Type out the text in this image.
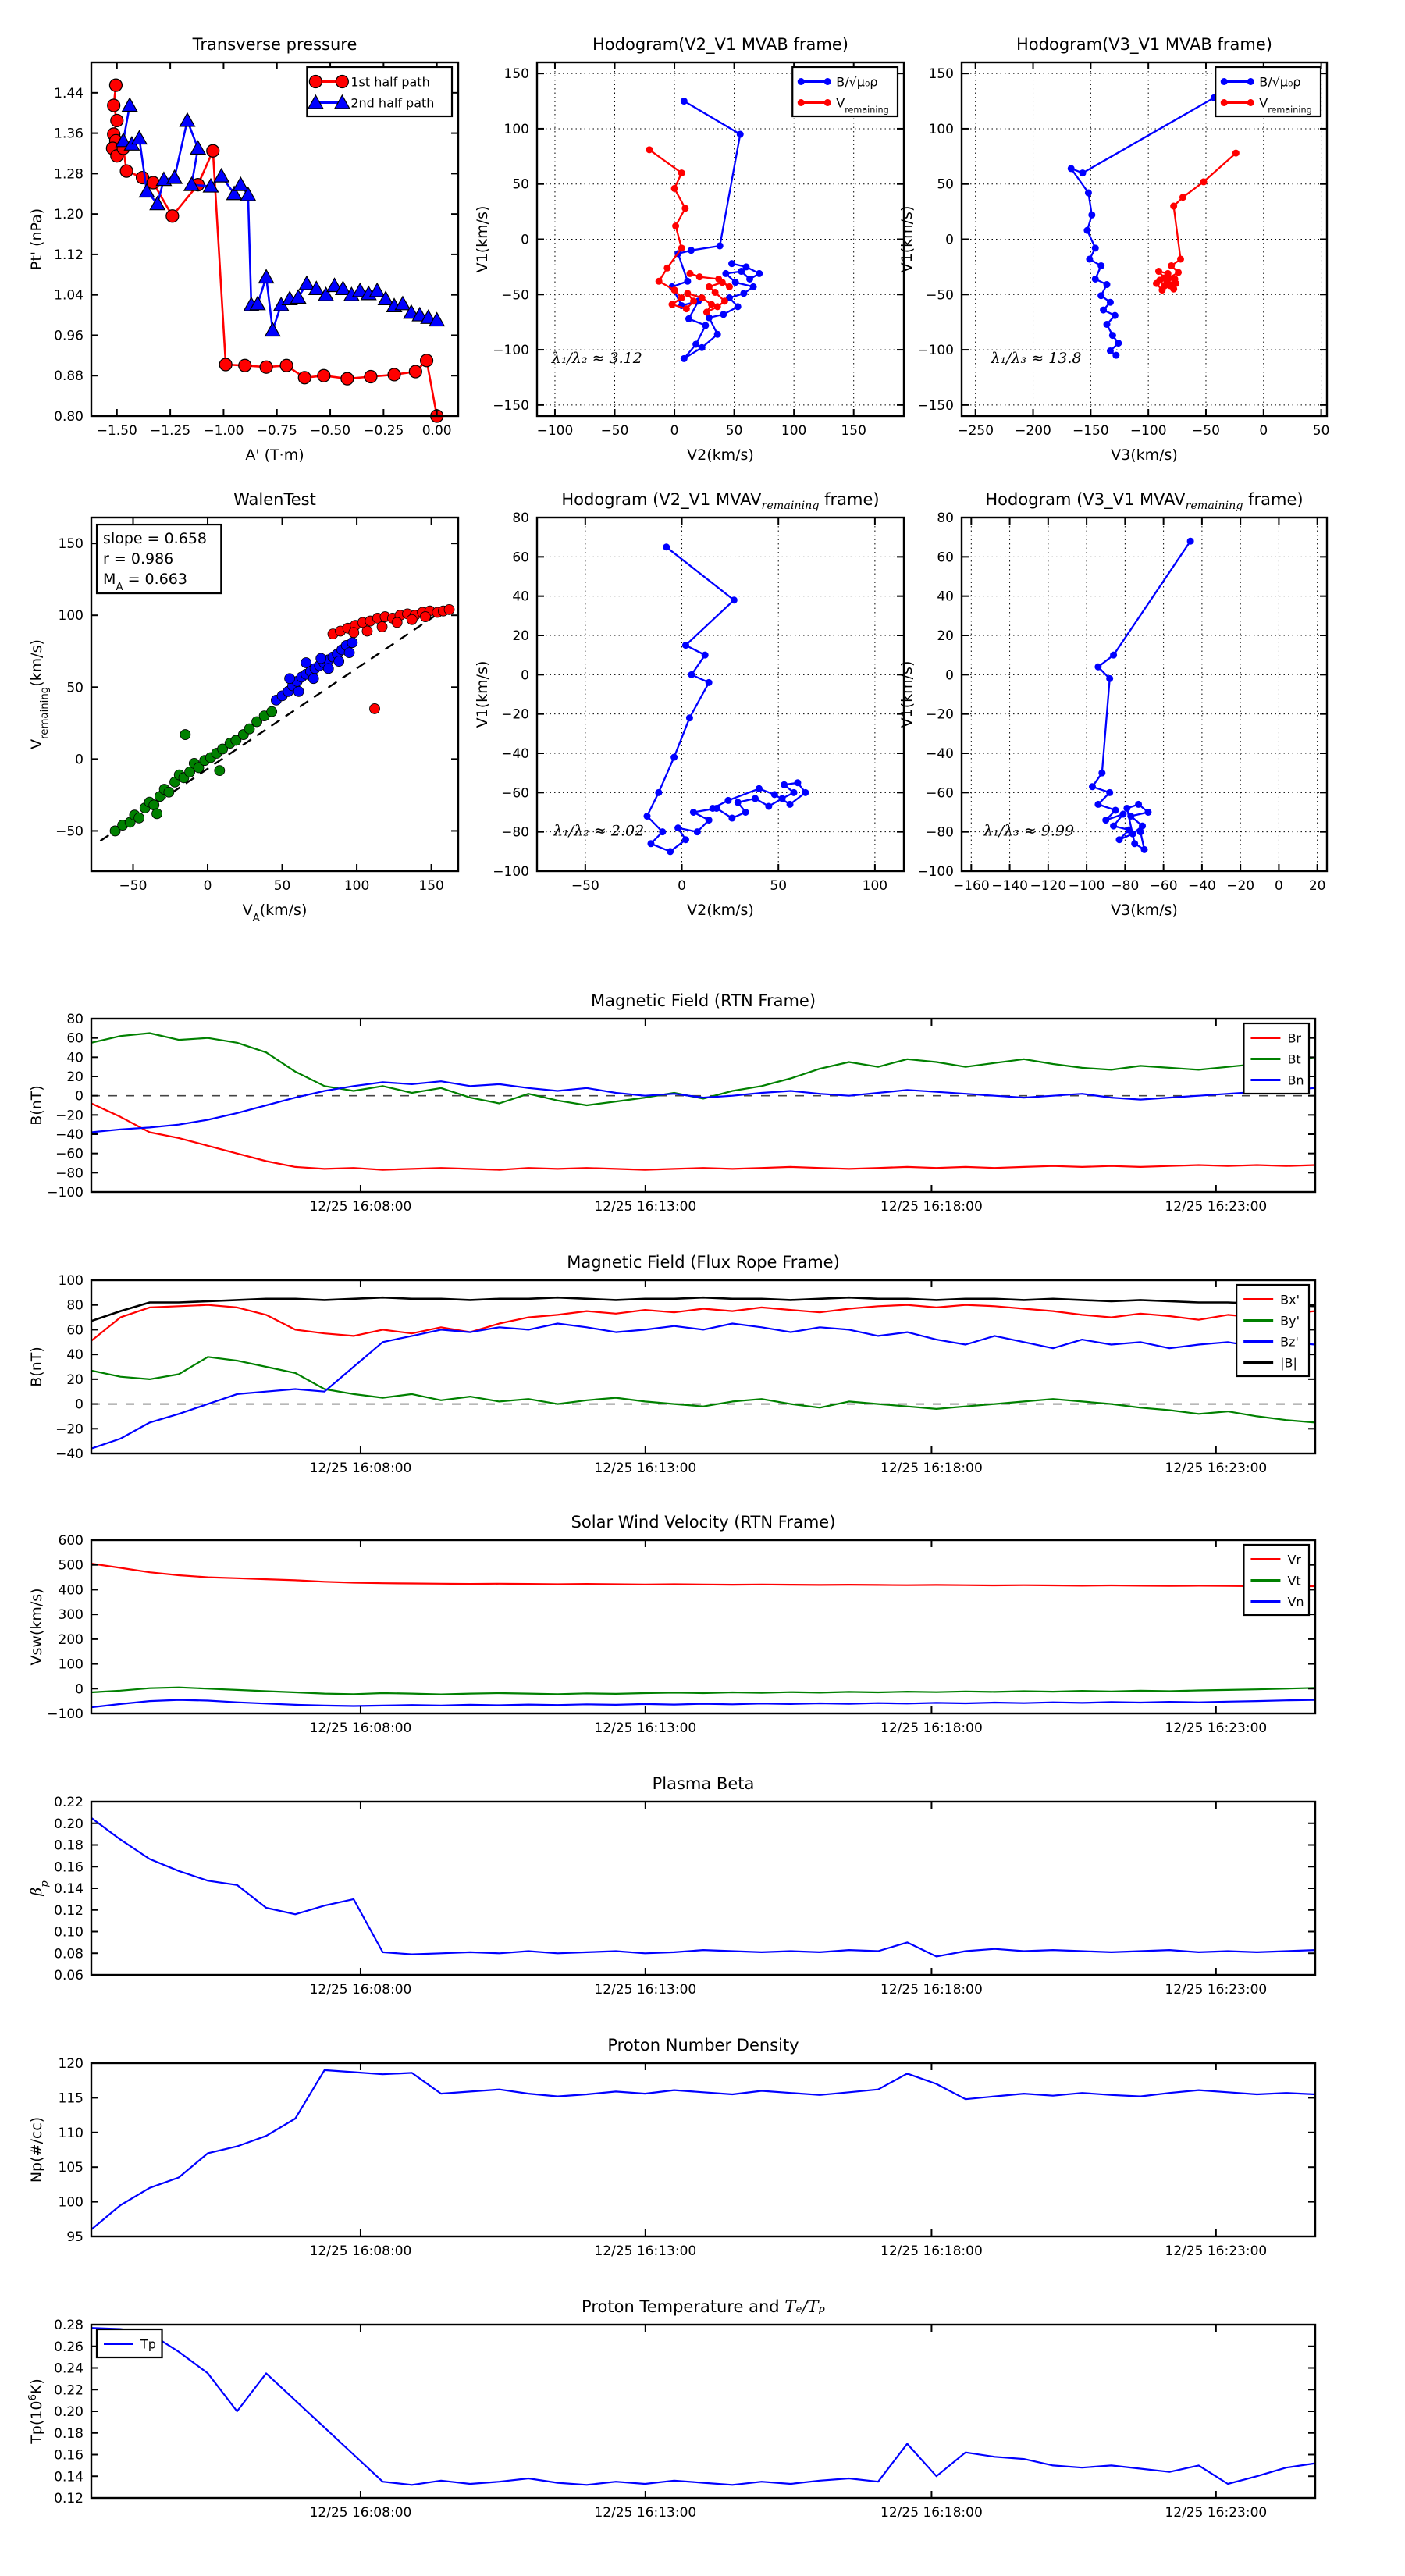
Transverse pressure	Hodogram(V2_V1 MVAB frame)	Hodogram(V3_V1 MVAB frame)
WalenTest	Hodogram (V2_V1 $MVAV_{remaining}$ frame)	Hodogram (V3_V1 $MVAV_{remaining}$ frame)
Magnetic Field (RTN Frame)
Magnetic Field (Flux Rope Frame)
Solar Wind Velocity (RTN Frame)
Plasma Beta
Proton Number Density
Proton Temperature and Tₑ/Tₚ
−1.50 −1.25 −1.00 −0.75 −0.50 −0.25 0.00
0.80
0.88
0.96
1.04
1.12
1.20
1.28
1.36
1.44
A' (T·m)
Pt' (nPa)
1st half path
2nd half path
−100 −50	0	50	100	150
−150
−100
−50
0
50
100
150
V2(km/s)
V1(km/s)
B/√μ₀ρ
$V_{remaining}$
λ₁/λ₂ ≈ 3.12
−250 −200 −150 −100 −50	0	50
−150
−100
−50
0
50
100
150
V3(km/s)
V1(km/s)
B/√μ₀ρ
$V_{remaining}$
λ₁/λ₃ ≈ 13.8
−50	0	50	100	150
−50
0
50
100
150
$V_A(km/s)$
$V_{remaining}(km/s)$
slope = 0.658
r = 0.986
$M_A = 0.663$
−50	0	50	100
−100
−80
−60
−40
−20
0
20
40
60
80
V2(km/s)
V1(km/s)
λ₁/λ₂ ≈ 2.02
−160 −140 −120 −100 −80 −60 −40 −20 0 20
−100
−80
−60
−40
−20
0
20
40
60
80
V3(km/s)
V1(km/s)
λ₁/λ₃ ≈ 9.99
12/25 16:08:00	12/25 16:13:00	12/25 16:18:00	12/25 16:23:00
−100
−80
−60
−40
−20
0
20
40
60
80
B(nT)
Br
Bt
Bn
12/25 16:08:00	12/25 16:13:00	12/25 16:18:00	12/25 16:23:00
−40
−20
0
20
40
60
80
100
B(nT)
Bx'
By'
Bz'
|B|
12/25 16:08:00	12/25 16:13:00	12/25 16:18:00	12/25 16:23:00
−100
0
100
200
300
400
500
600
Vsw(km/s)
Vr
Vt
Vn
12/25 16:08:00	12/25 16:13:00	12/25 16:18:00	12/25 16:23:00
0.06
0.08
0.10
0.12
0.14
0.16
0.18
0.20
0.22
$\beta_p$
12/25 16:08:00	12/25 16:13:00	12/25 16:18:00	12/25 16:23:00
95
100
105
110
115
120
Np(#/cc)
12/25 16:08:00	12/25 16:13:00	12/25 16:18:00	12/25 16:23:00
0.12
0.14
0.16
0.18
0.20
0.22
0.24
0.26
0.28
$Tp(10^6K)$
Tp
